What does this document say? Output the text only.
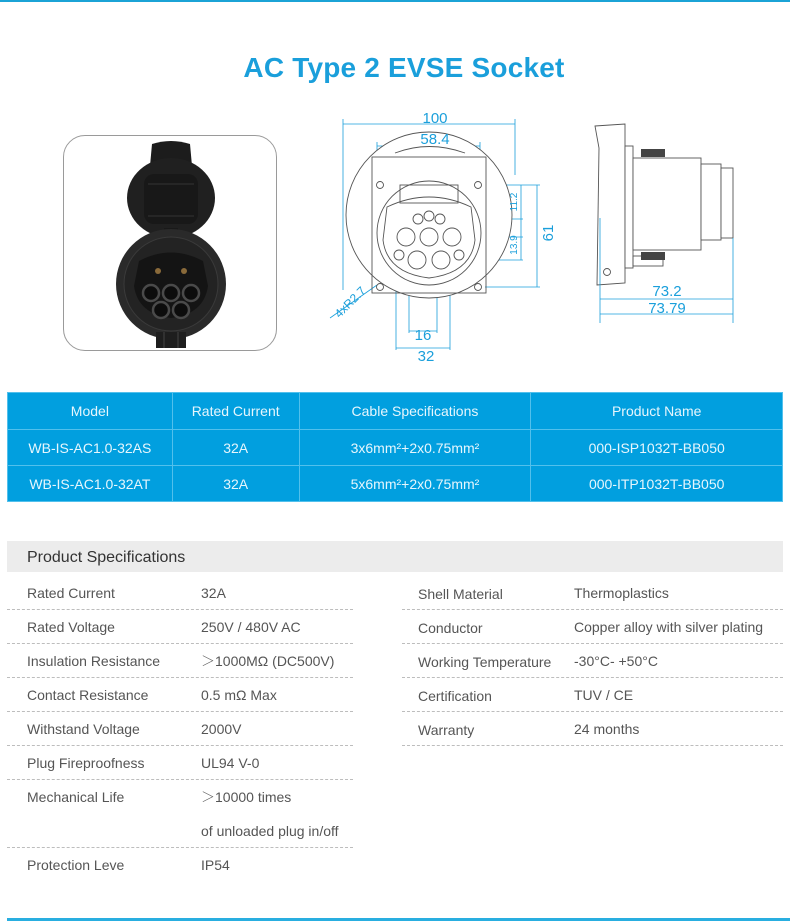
AC Type 2 EVSE Socket
100
58.4
61
11.2
13.9
16
32
4xR2.7	73.2
73.79
Model	Rated Current	Cable Specifications	Product Name
WB-IS-AC1.0-32AS	32A	3x6mm²+2x0.75mm²	000-ISP1032T-BB050
WB-IS-AC1.0-32AT	32A	5x6mm²+2x0.75mm²	000-ITP1032T-BB050
Product Specifications
Rated Current	32A
Rated Voltage	250V / 480V AC
Insulation Resistance	＞1000MΩ (DC500V)
Contact Resistance	0.5 mΩ Max
Withstand Voltage	2000V
Plug Fireproofness	UL94 V-0
Mechanical Life	＞10000 times
of unloaded plug in/off
Protection Leve	IP54
Shell Material	Thermoplastics
Conductor	Copper alloy with silver plating
Working Temperature -30°C- +50°C
Certification	TUV / CE
Warranty	24 months
